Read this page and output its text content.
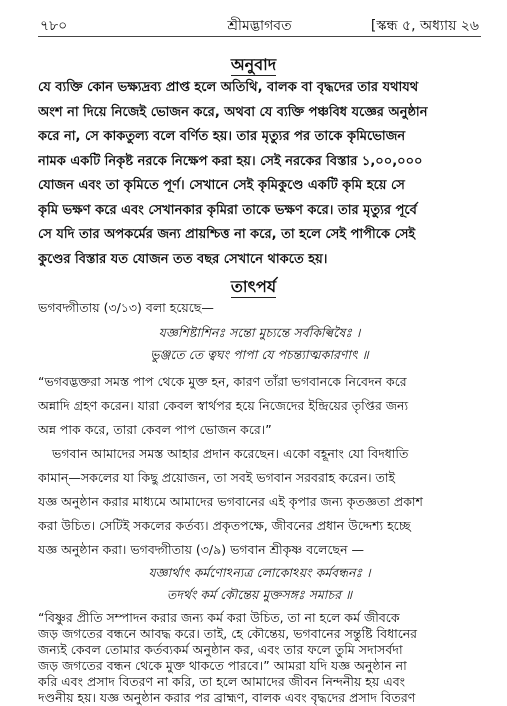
৭৮০	শ্রীমদ্ভাগবত	[স্কন্ধ ৫, অধ্যায় ২৬
অনুবাদ
যে ব্যক্তি কোন ভক্ষ্যদ্রব্য প্রাপ্ত হলে অতিথি, বালক বা বৃদ্ধদের তার যথাযথ
অংশ না দিয়ে নিজেই ভোজন করে, অথবা যে ব্যক্তি পঞ্চবিধ যজ্ঞের অনুষ্ঠান
করে না, সে কাকতুল্য বলে বর্ণিত হয়। তার মৃত্যুর পর তাকে কৃমিভোজন
নামক একটি নিকৃষ্ট নরকে নিক্ষেপ করা হয়। সেই নরকের বিস্তার ১,০০,০০০
যোজন এবং তা কৃমিতে পূর্ণ। সেখানে সেই কৃমিকুণ্ডে একটি কৃমি হয়ে সে
কৃমি ভক্ষণ করে এবং সেখানকার কৃমিরা তাকে ভক্ষণ করে। তার মৃত্যুর পূর্বে
সে যদি তার অপকর্মের জন্য প্রায়শ্চিত্ত না করে, তা হলে সেই পাপীকে সেই
কুণ্ডের বিস্তার যত যোজন তত বছর সেখানে থাকতে হয়।
তাৎপর্য
ভগবদ্গীতায় (৩/১৩) বলা হয়েছে—
যজ্ঞশিষ্টাশিনঃ সন্তো মুচ্যন্তে সর্বকিল্বিষৈঃ ।
ভুঞ্জতে তে ত্বঘং পাপা যে পচন্ত্যাত্মকারণাৎ ॥
“ভগবদ্ভক্তরা সমস্ত পাপ থেকে মুক্ত হন, কারণ তাঁরা ভগবানকে নিবেদন করে
অন্নাদি গ্রহণ করেন। যারা কেবল স্বার্থপর হয়ে নিজেদের ইন্দ্রিয়ের তৃপ্তির জন্য
অন্ন পাক করে, তারা কেবল পাপ ভোজন করে।”
ভগবান আমাদের সমস্ত আহার প্রদান করেছেন। একো বহূনাং যো বিদধাতি
কামান্—সকলের যা কিছু প্রয়োজন, তা সবই ভগবান সরবরাহ করেন। তাই
যজ্ঞ অনুষ্ঠান করার মাধ্যমে আমাদের ভগবানের এই কৃপার জন্য কৃতজ্ঞতা প্রকাশ
করা উচিত। সেটিই সকলের কর্তব্য। প্রকৃতপক্ষে, জীবনের প্রধান উদ্দেশ্য হচ্ছে
যজ্ঞ অনুষ্ঠান করা। ভগবদ্গীতায় (৩/৯) ভগবান শ্রীকৃষ্ণ বলেছেন —
যজ্ঞার্থাৎ কর্মণোঽন্যত্র লোকোঽয়ং কর্মবন্ধনঃ ।
তদর্থং কর্ম কৌন্তেয় মুক্তসঙ্গঃ সমাচর ॥
“বিষ্ণুর প্রীতি সম্পাদন করার জন্য কর্ম করা উচিত, তা না হলে কর্ম জীবকে
জড় জগতের বন্ধনে আবদ্ধ করে। তাই, হে কৌন্তেয়, ভগবানের সন্তুষ্টি বিধানের
জন্যই কেবল তোমার কর্তব্যকর্ম অনুষ্ঠান কর, এবং তার ফলে তুমি সদাসর্বদা
জড় জগতের বন্ধন থেকে মুক্ত থাকতে পারবে।” আমরা যদি যজ্ঞ অনুষ্ঠান না
করি এবং প্রসাদ বিতরণ না করি, তা হলে আমাদের জীবন নিন্দনীয় হয় এবং
দণ্ডনীয় হয়। যজ্ঞ অনুষ্ঠান করার পর ব্রাহ্মণ, বালক এবং বৃদ্ধদের প্রসাদ বিতরণ
